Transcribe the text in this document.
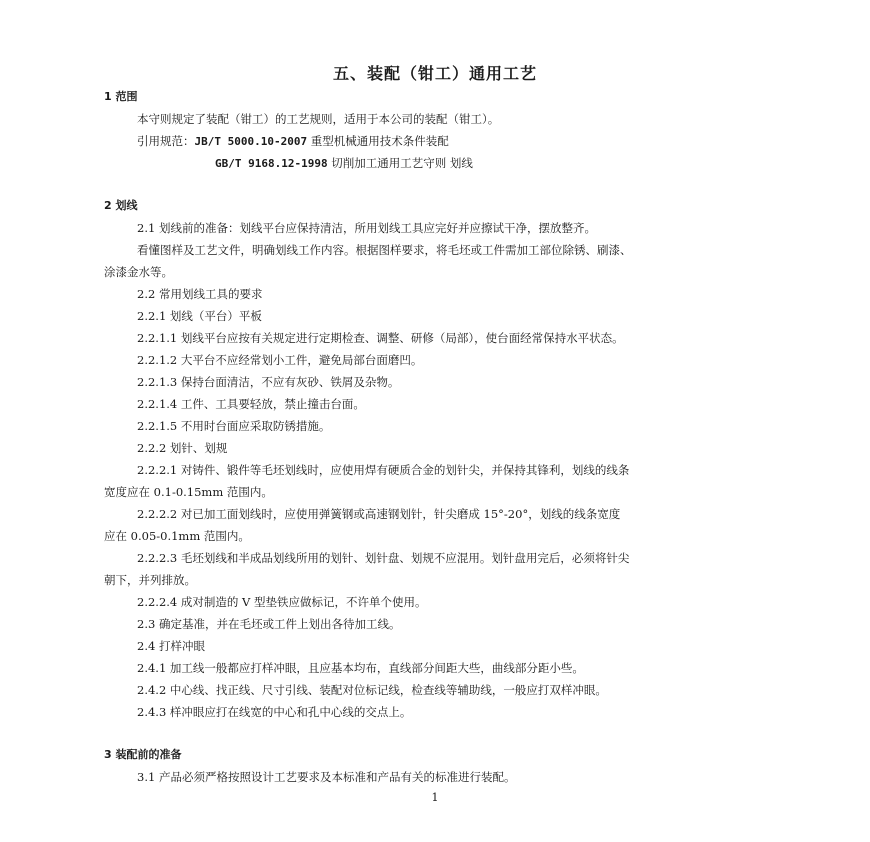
五、装配（钳工）通用工艺
1 范围
本守则规定了装配（钳工）的工艺规则，适用于本公司的装配（钳工）。
引用规范：JB/T 5000.10-2007 重型机械通用技术条件装配
GB/T 9168.12-1998 切削加工通用工艺守则 划线
2 划线
2.1 划线前的准备：划线平台应保持清洁，所用划线工具应完好并应擦试干净，摆放整齐。
看懂图样及工艺文件，明确划线工作内容。根据图样要求，将毛坯或工件需加工部位除锈、刷漆、
涂漆金水等。
2.2 常用划线工具的要求
2.2.1 划线（平台）平板
2.2.1.1 划线平台应按有关规定进行定期检查、调整、研修（局部），使台面经常保持水平状态。
2.2.1.2 大平台不应经常划小工件，避免局部台面磨凹。
2.2.1.3 保持台面清洁，不应有灰砂、铁屑及杂物。
2.2.1.4 工件、工具要轻放，禁止撞击台面。
2.2.1.5 不用时台面应采取防锈措施。
2.2.2 划针、划规
2.2.2.1 对铸件、锻件等毛坯划线时，应使用焊有硬质合金的划针尖，并保持其锋利，划线的线条
宽度应在 0.1-0.15mm 范围内。
2.2.2.2 对已加工面划线时，应使用弹簧钢或高速钢划针，针尖磨成 15°-20°，划线的线条宽度
应在 0.05-0.1mm 范围内。
2.2.2.3 毛坯划线和半成品划线所用的划针、划针盘、划规不应混用。划针盘用完后，必须将针尖
朝下，并列排放。
2.2.2.4 成对制造的 V 型垫铁应做标记，不许单个使用。
2.3 确定基准，并在毛坯或工件上划出各待加工线。
2.4 打样冲眼
2.4.1 加工线一般都应打样冲眼，且应基本均布，直线部分间距大些，曲线部分距小些。
2.4.2 中心线、找正线、尺寸引线、装配对位标记线，检查线等辅助线，一般应打双样冲眼。
2.4.3 样冲眼应打在线宽的中心和孔中心线的交点上。
3 装配前的准备
3.1 产品必须严格按照设计工艺要求及本标准和产品有关的标准进行装配。
1
